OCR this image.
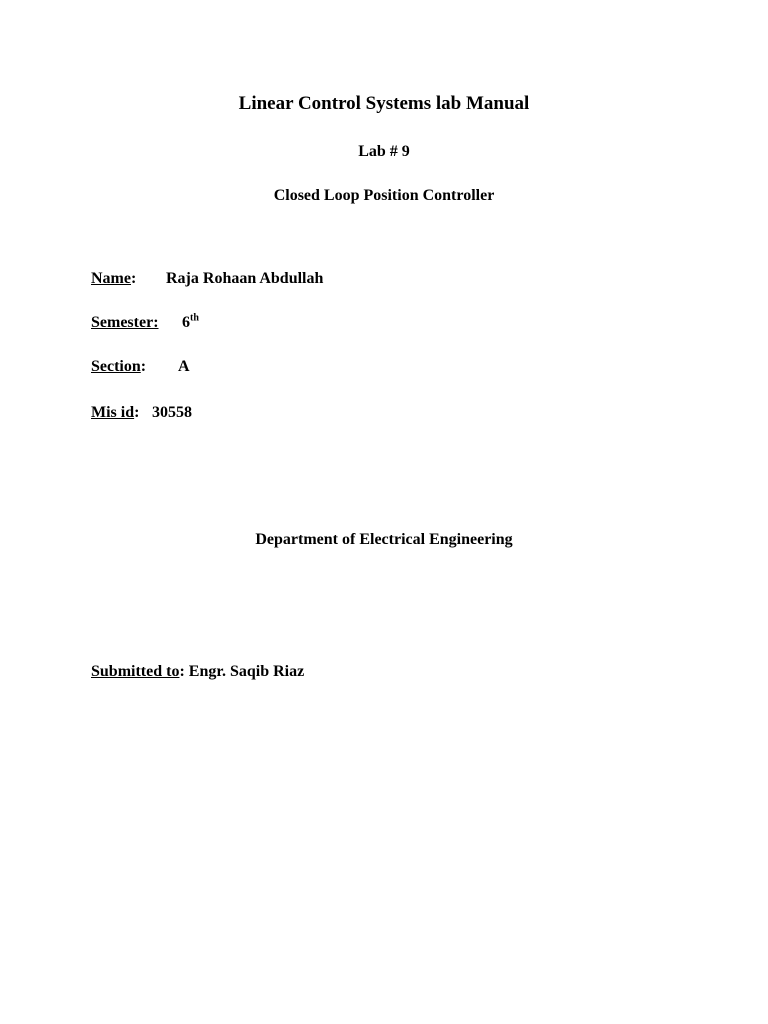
Linear Control Systems lab Manual
Lab # 9
Closed Loop Position Controller
Name: Raja Rohaan Abdullah
Semester: 6th
Section: A
Mis id: 30558
Department of Electrical Engineering
Submitted to: Engr. Saqib Riaz
